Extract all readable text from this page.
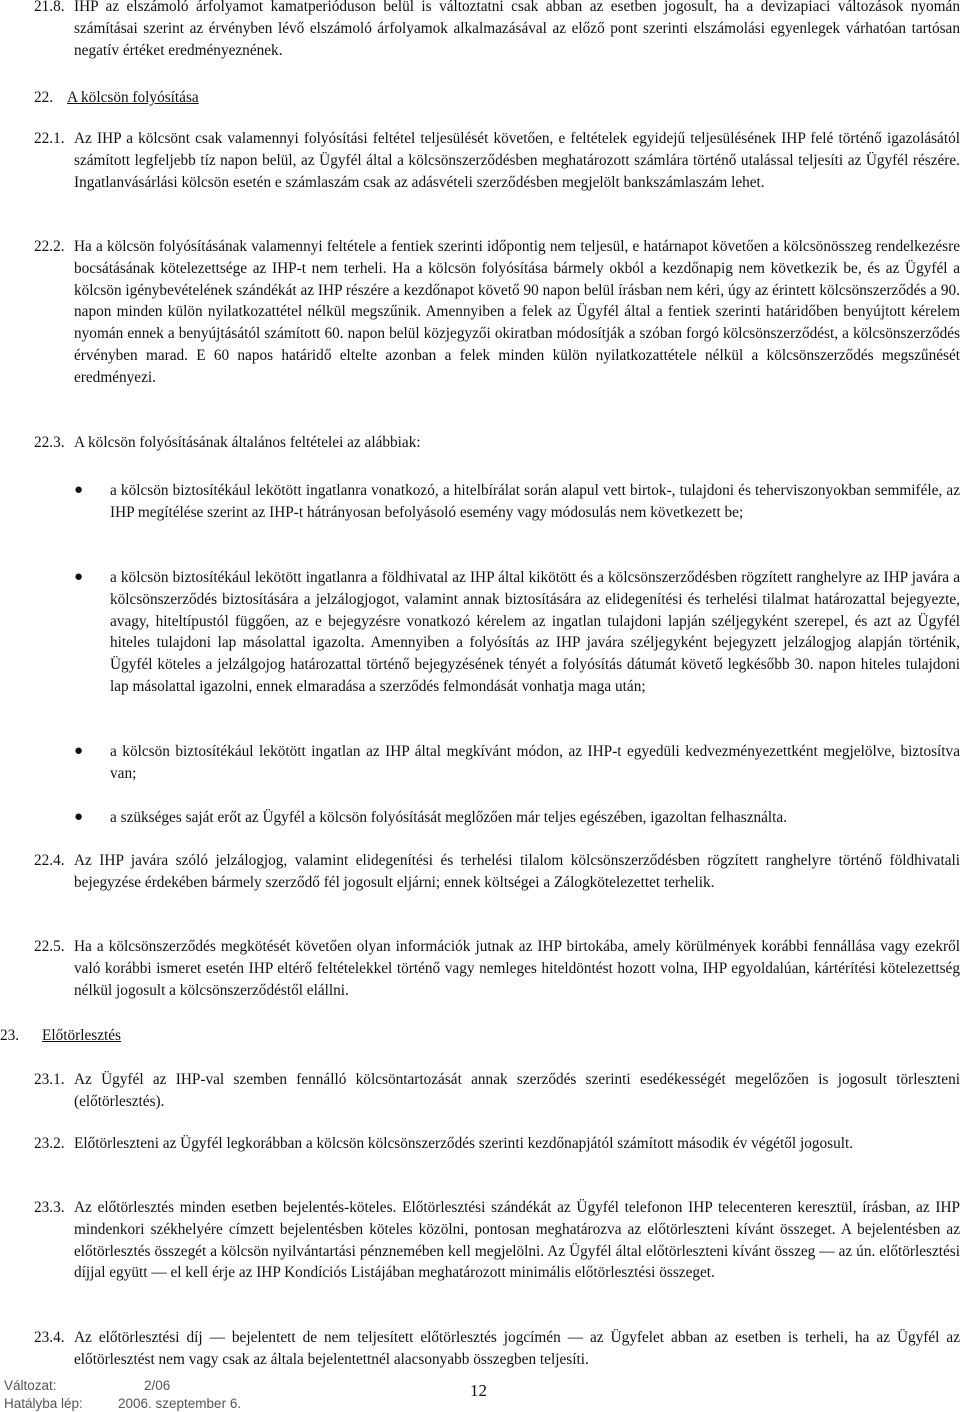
21.8. IHP az elszámoló árfolyamot kamatperióduson belül is változtatni csak abban az esetben jogosult, ha a devizapiaci változások nyomán számításai szerint az érvényben lévő elszámoló árfolyamok alkalmazásával az előző pont szerinti elszámolási egyenlegek várhatóan tartósan negatív értéket eredményeznének.
22. A kölcsön folyósítása
22.1. Az IHP a kölcsönt csak valamennyi folyósítási feltétel teljesülését követően, e feltételek egyidejű teljesülésének IHP felé történő igazolásától számított legfeljebb tíz napon belül, az Ügyfél által a kölcsönszerződésben meghatározott számlára történő utalással teljesíti az Ügyfél részére. Ingatlanvásárlási kölcsön esetén e számlaszám csak az adásvételi szerződésben megjelölt bankszámlaszám lehet.
22.2. Ha a kölcsön folyósításának valamennyi feltétele a fentiek szerinti időpontig nem teljesül, e határnapot követően a kölcsönösszeg rendelkezésre bocsátásának kötelezettsége az IHP-t nem terheli. Ha a kölcsön folyósítása bármely okból a kezdőnapig nem következik be, és az Ügyfél a kölcsön igénybevételének szándékát az IHP részére a kezdőnapot követő 90 napon belül írásban nem kéri, úgy az érintett kölcsönszerződés a 90. napon minden külön nyilatkozattétel nélkül megszűnik. Amennyiben a felek az Ügyfél által a fentiek szerinti határidőben benyújtott kérelem nyomán ennek a benyújtásától számított 60. napon belül közjegyzői okiratban módosítják a szóban forgó kölcsönszerződést, a kölcsönszerződés érvényben marad. E 60 napos határidő eltelte azonban a felek minden külön nyilatkozattétele nélkül a kölcsönszerződés megszűnését eredményezi.
22.3. A kölcsön folyósításának általános feltételei az alábbiak:
●	a kölcsön biztosítékául lekötött ingatlanra vonatkozó, a hitelbírálat során alapul vett birtok-, tulajdoni és teherviszonyokban semmiféle, az IHP megítélése szerint az IHP-t hátrányosan befolyásoló esemény vagy módosulás nem következett be;
●	a kölcsön biztosítékául lekötött ingatlanra a földhivatal az IHP által kikötött és a kölcsönszerződésben rögzített ranghelyre az IHP javára a kölcsönszerződés biztosítására a jelzálogjogot, valamint annak biztosítására az elidegenítési és terhelési tilalmat határozattal bejegyezte, avagy, hiteltípustól függően, az e bejegyzésre vonatkozó kérelem az ingatlan tulajdoni lapján széljegyként szerepel, és azt az Ügyfél hiteles tulajdoni lap másolattal igazolta. Amennyiben a folyósítás az IHP javára széljegyként bejegyzett jelzálogjog alapján történik, Ügyfél köteles a jelzálgojog határozattal történő bejegyzésének tényét a folyósítás dátumát követő legkésőbb 30. napon hiteles tulajdoni lap másolattal igazolni, ennek elmaradása a szerződés felmondását vonhatja maga után;
●	a kölcsön biztosítékául lekötött ingatlan az IHP által megkívánt módon, az IHP-t egyedüli kedvezményezettként megjelölve, biztosítva van;
●	a szükséges saját erőt az Ügyfél a kölcsön folyósítását meglőzően már teljes egészében, igazoltan felhasználta.
22.4. Az IHP javára szóló jelzálogjog, valamint elidegenítési és terhelési tilalom kölcsönszerződésben rögzített ranghelyre történő földhivatali bejegyzése érdekében bármely szerződő fél jogosult eljárni; ennek költségei a Zálogkötelezettet terhelik.
22.5. Ha a kölcsönszerződés megkötését követően olyan információk jutnak az IHP birtokába, amely körülmények korábbi fennállása vagy ezekről való korábbi ismeret esetén IHP eltérő feltételekkel történő vagy nemleges hiteldöntést hozott volna, IHP egyoldalúan, kártérítési kötelezettség nélkül jogosult a kölcsönszerződéstől elállni.
23. Előtörlesztés
23.1. Az Ügyfél az IHP-val szemben fennálló kölcsöntartozását annak szerződés szerinti esedékességét megelőzően is jogosult törleszteni (előtörlesztés).
23.2. Előtörleszteni az Ügyfél legkorábban a kölcsön kölcsönszerződés szerinti kezdőnapjától számított második év végétől jogosult.
23.3. Az előtörlesztés minden esetben bejelentés-köteles. Előtörlesztési szándékát az Ügyfél telefonon IHP telecenteren keresztül, írásban, az IHP mindenkori székhelyére címzett bejelentésben köteles közölni, pontosan meghatározva az előtörleszteni kívánt összeget. A bejelentésben az előtörlesztés összegét a kölcsön nyilvántartási pénznemében kell megjelölni. Az Ügyfél által előtörleszteni kívánt összeg — az ún. előtörlesztési díjjal együtt — el kell érje az IHP Kondíciós Listájában meghatározott minimális előtörlesztési összeget.
23.4. Az előtörlesztési díj — bejelentett de nem teljesített előtörlesztés jogcímén — az Ügyfelet abban az esetben is terheli, ha az Ügyfél az előtörlesztést nem vagy csak az általa bejelentettnél alacsonyabb összegben teljesíti.
Változat:	2/06
Hatályba lép:	2006. szeptember 6.
12
